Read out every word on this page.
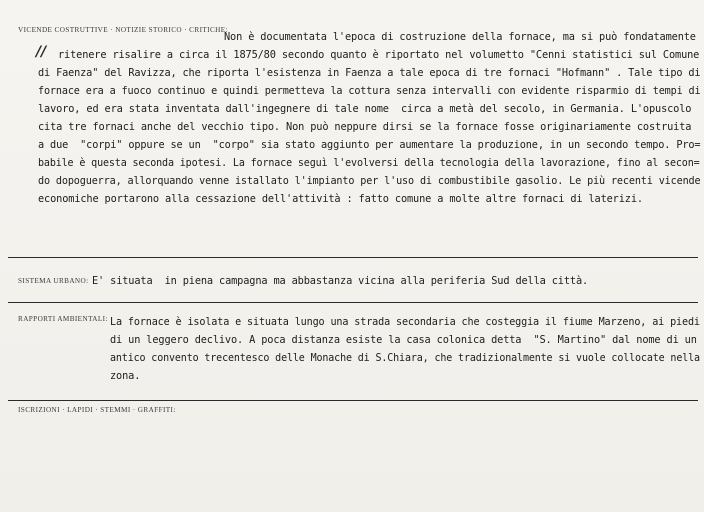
VICENDE COSTRUTTIVE · NOTIZIE STORICO · CRITICHE:
//
Non è documentata l'epoca di costruzione della fornace, ma si può fondatamente
ritenere risalire a circa il 1875/80 secondo quanto è riportato nel volumetto "Cenni statistici sul Comune
di Faenza" del Ravizza, che riporta l'esistenza in Faenza a tale epoca di tre fornaci "Hofmann" . Tale tipo di
fornace era a fuoco continuo e quindi permetteva la cottura senza intervalli con evidente risparmio di tempi di
lavoro, ed era stata inventata dall'ingegnere di tale nome  circa a metà del secolo, in Germania. L'opuscolo
cita tre fornaci anche del vecchio tipo. Non può neppure dirsi se la fornace fosse originariamente costruita
a due  "corpi" oppure se un  "corpo" sia stato aggiunto per aumentare la produzione, in un secondo tempo. Pro=
babile è questa seconda ipotesi. La fornace seguì l'evolversi della tecnologia della lavorazione, fino al secon=
do dopoguerra, allorquando venne istallato l'impianto per l'uso di combustibile gasolio. Le più recenti vicende
economiche portarono alla cessazione dell'attività : fatto comune a molte altre fornaci di laterizi.
SISTEMA URBANO: E' situata  in piena campagna ma abbastanza vicina alla periferia Sud della città.
RAPPORTI AMBIENTALI: La fornace è isolata e situata lungo una strada secondaria che costeggia il fiume Marzeno, ai piedi
di un leggero declivo. A poca distanza esiste la casa colonica detta  "S. Martino" dal nome di un
antico convento trecentesco delle Monache di S.Chiara, che tradizionalmente si vuole collocate nella
zona.
ISCRIZIONI · LAPIDI · STEMMI · GRAFFITI:
